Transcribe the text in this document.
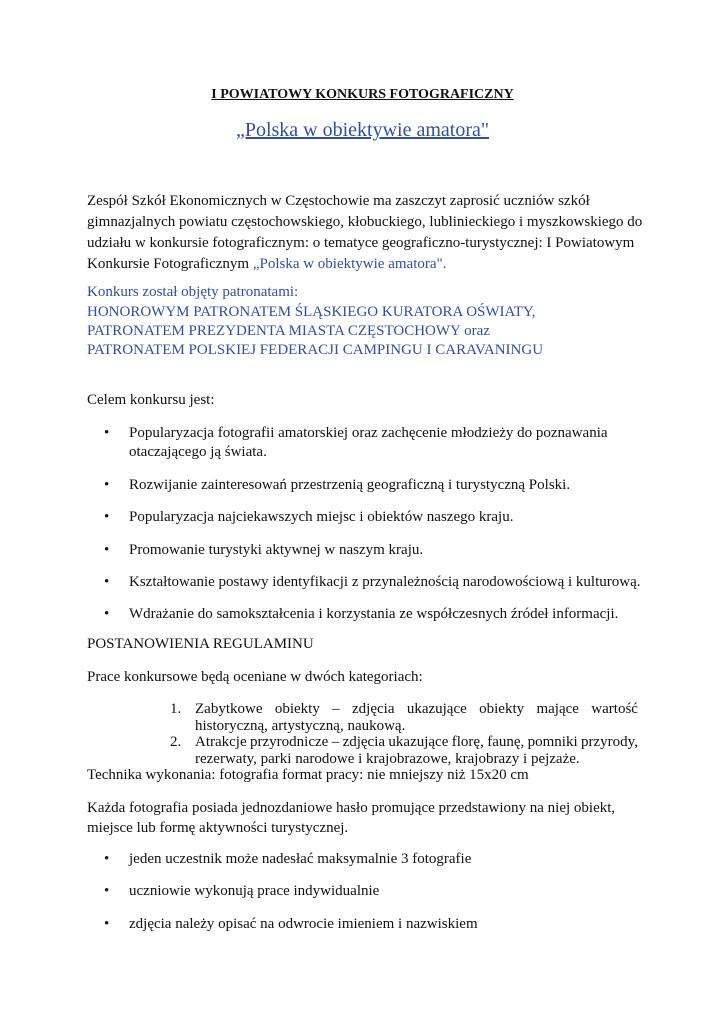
I POWIATOWY KONKURS FOTOGRAFICZNY
„Polska w obiektywie amatora"
Zespół Szkół Ekonomicznych w Częstochowie ma zaszczyt zaprosić uczniów szkół
gimnazjalnych powiatu częstochowskiego, kłobuckiego, lublinieckiego i myszkowskiego do
udziału w konkursie fotograficznym: o tematyce geograficzno-turystycznej: I Powiatowym
Konkursie Fotograficznym „Polska w obiektywie amatora".
Konkurs został objęty patronatami:
HONOROWYM PATRONATEM ŚLĄSKIEGO KURATORA OŚWIATY,
PATRONATEM PREZYDENTA MIASTA CZĘSTOCHOWY oraz
PATRONATEM POLSKIEJ FEDERACJI CAMPINGU I CARAVANINGU
Celem konkursu jest:
• Popularyzacja fotografii amatorskiej oraz zachęcenie młodzieży do poznawania
otaczającego ją świata.
• Rozwijanie zainteresowań przestrzenią geograficzną i turystyczną Polski.
• Popularyzacja najciekawszych miejsc i obiektów naszego kraju.
• Promowanie turystyki aktywnej w naszym kraju.
• Kształtowanie postawy identyfikacji z przynależnością narodowościową i kulturową.
• Wdrażanie do samokształcenia i korzystania ze współczesnych źródeł informacji.
POSTANOWIENIA REGULAMINU
Prace konkursowe będą oceniane w dwóch kategoriach:
1. Zabytkowe obiekty – zdjęcia ukazujące obiekty mające wartość
historyczną, artystyczną, naukową.
2. Atrakcje przyrodnicze – zdjęcia ukazujące florę, faunę, pomniki przyrody,
rezerwaty, parki narodowe i krajobrazowe, krajobrazy i pejzaże.
Technika wykonania: fotografia format pracy: nie mniejszy niż 15x20 cm
Każda fotografia posiada jednozdaniowe hasło promujące przedstawiony na niej obiekt,
miejsce lub formę aktywności turystycznej.
• jeden uczestnik może nadesłać maksymalnie 3 fotografie
• uczniowie wykonują prace indywidualnie
• zdjęcia należy opisać na odwrocie imieniem i nazwiskiem
